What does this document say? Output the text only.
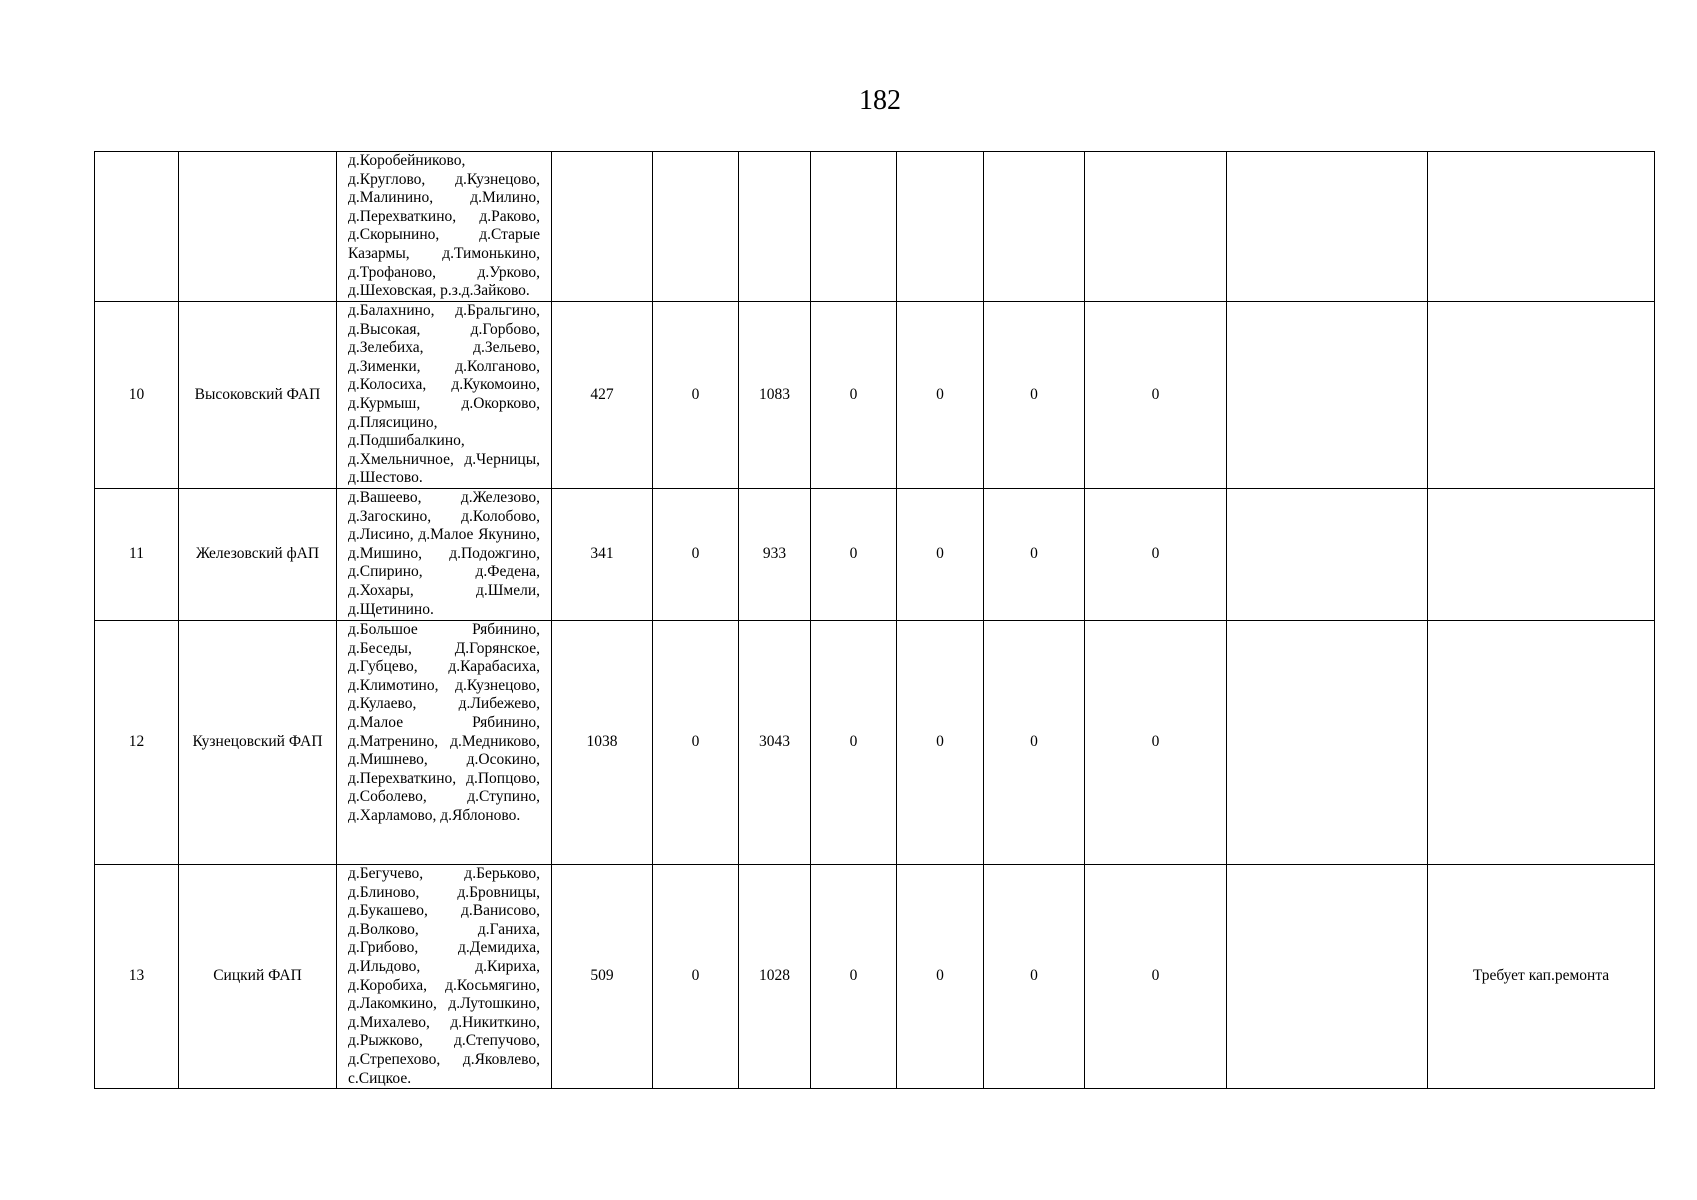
182
		д.Коробейниково, д.Круглово, д.Кузнецово, д.Малинино, д.Милино, д.Перехваткино, д.Раково, д.Скорынино, д.Старые Казармы, д.Тимонькино, д.Трофаново, д.Урково, д.Шеховская, р.з.д.Зайково.									
10	Высоковский ФАП	д.Балахнино, д.Бральгино, д.Высокая, д.Горбово, д.Зелебиха, д.Зельево, д.Зименки, д.Колганово, д.Колосиха, д.Кукомоино, д.Курмыш, д.Окорково, д.Плясицино, д.Подшибалкино, д.Хмельничное, д.Черницы, д.Шестово.	427	0	1083	0	0	0	0		
11	Железовский фАП	д.Вашеево, д.Железово, д.Загоскино, д.Колобово, д.Лисино, д.Малое Якунино, д.Мишино, д.Подожгино, д.Спирино, д.Федена, д.Хохары, д.Шмели, д.Щетинино.	341	0	933	0	0	0	0		
12	Кузнецовский ФАП	д.Большое Рябинино, д.Беседы, Д.Горянское, д.Губцево, д.Карабасиха, д.Климотино, д.Кузнецово, д.Кулаево, д.Либежево, д.Малое Рябинино, д.Матренино, д.Медниково, д.Мишнево, д.Осокино, д.Перехваткино, д.Попцово, д.Соболево, д.Ступино, д.Харламово, д.Яблоново.	1038	0	3043	0	0	0	0		
13	Сицкий ФАП	д.Бегучево, д.Берьково, д.Блиново, д.Бровницы, д.Букашево, д.Ванисово, д.Волково, д.Ганиха, д.Грибово, д.Демидиха, д.Ильдово, д.Кириха, д.Коробиха, д.Косьмягино, д.Лакомкино, д.Лутошкино, д.Михалево, д.Никиткино, д.Рыжково, д.Степучово, д.Стрепехово, д.Яковлево, с.Сицкое.	509	0	1028	0	0	0	0		Требует кап.ремонта
